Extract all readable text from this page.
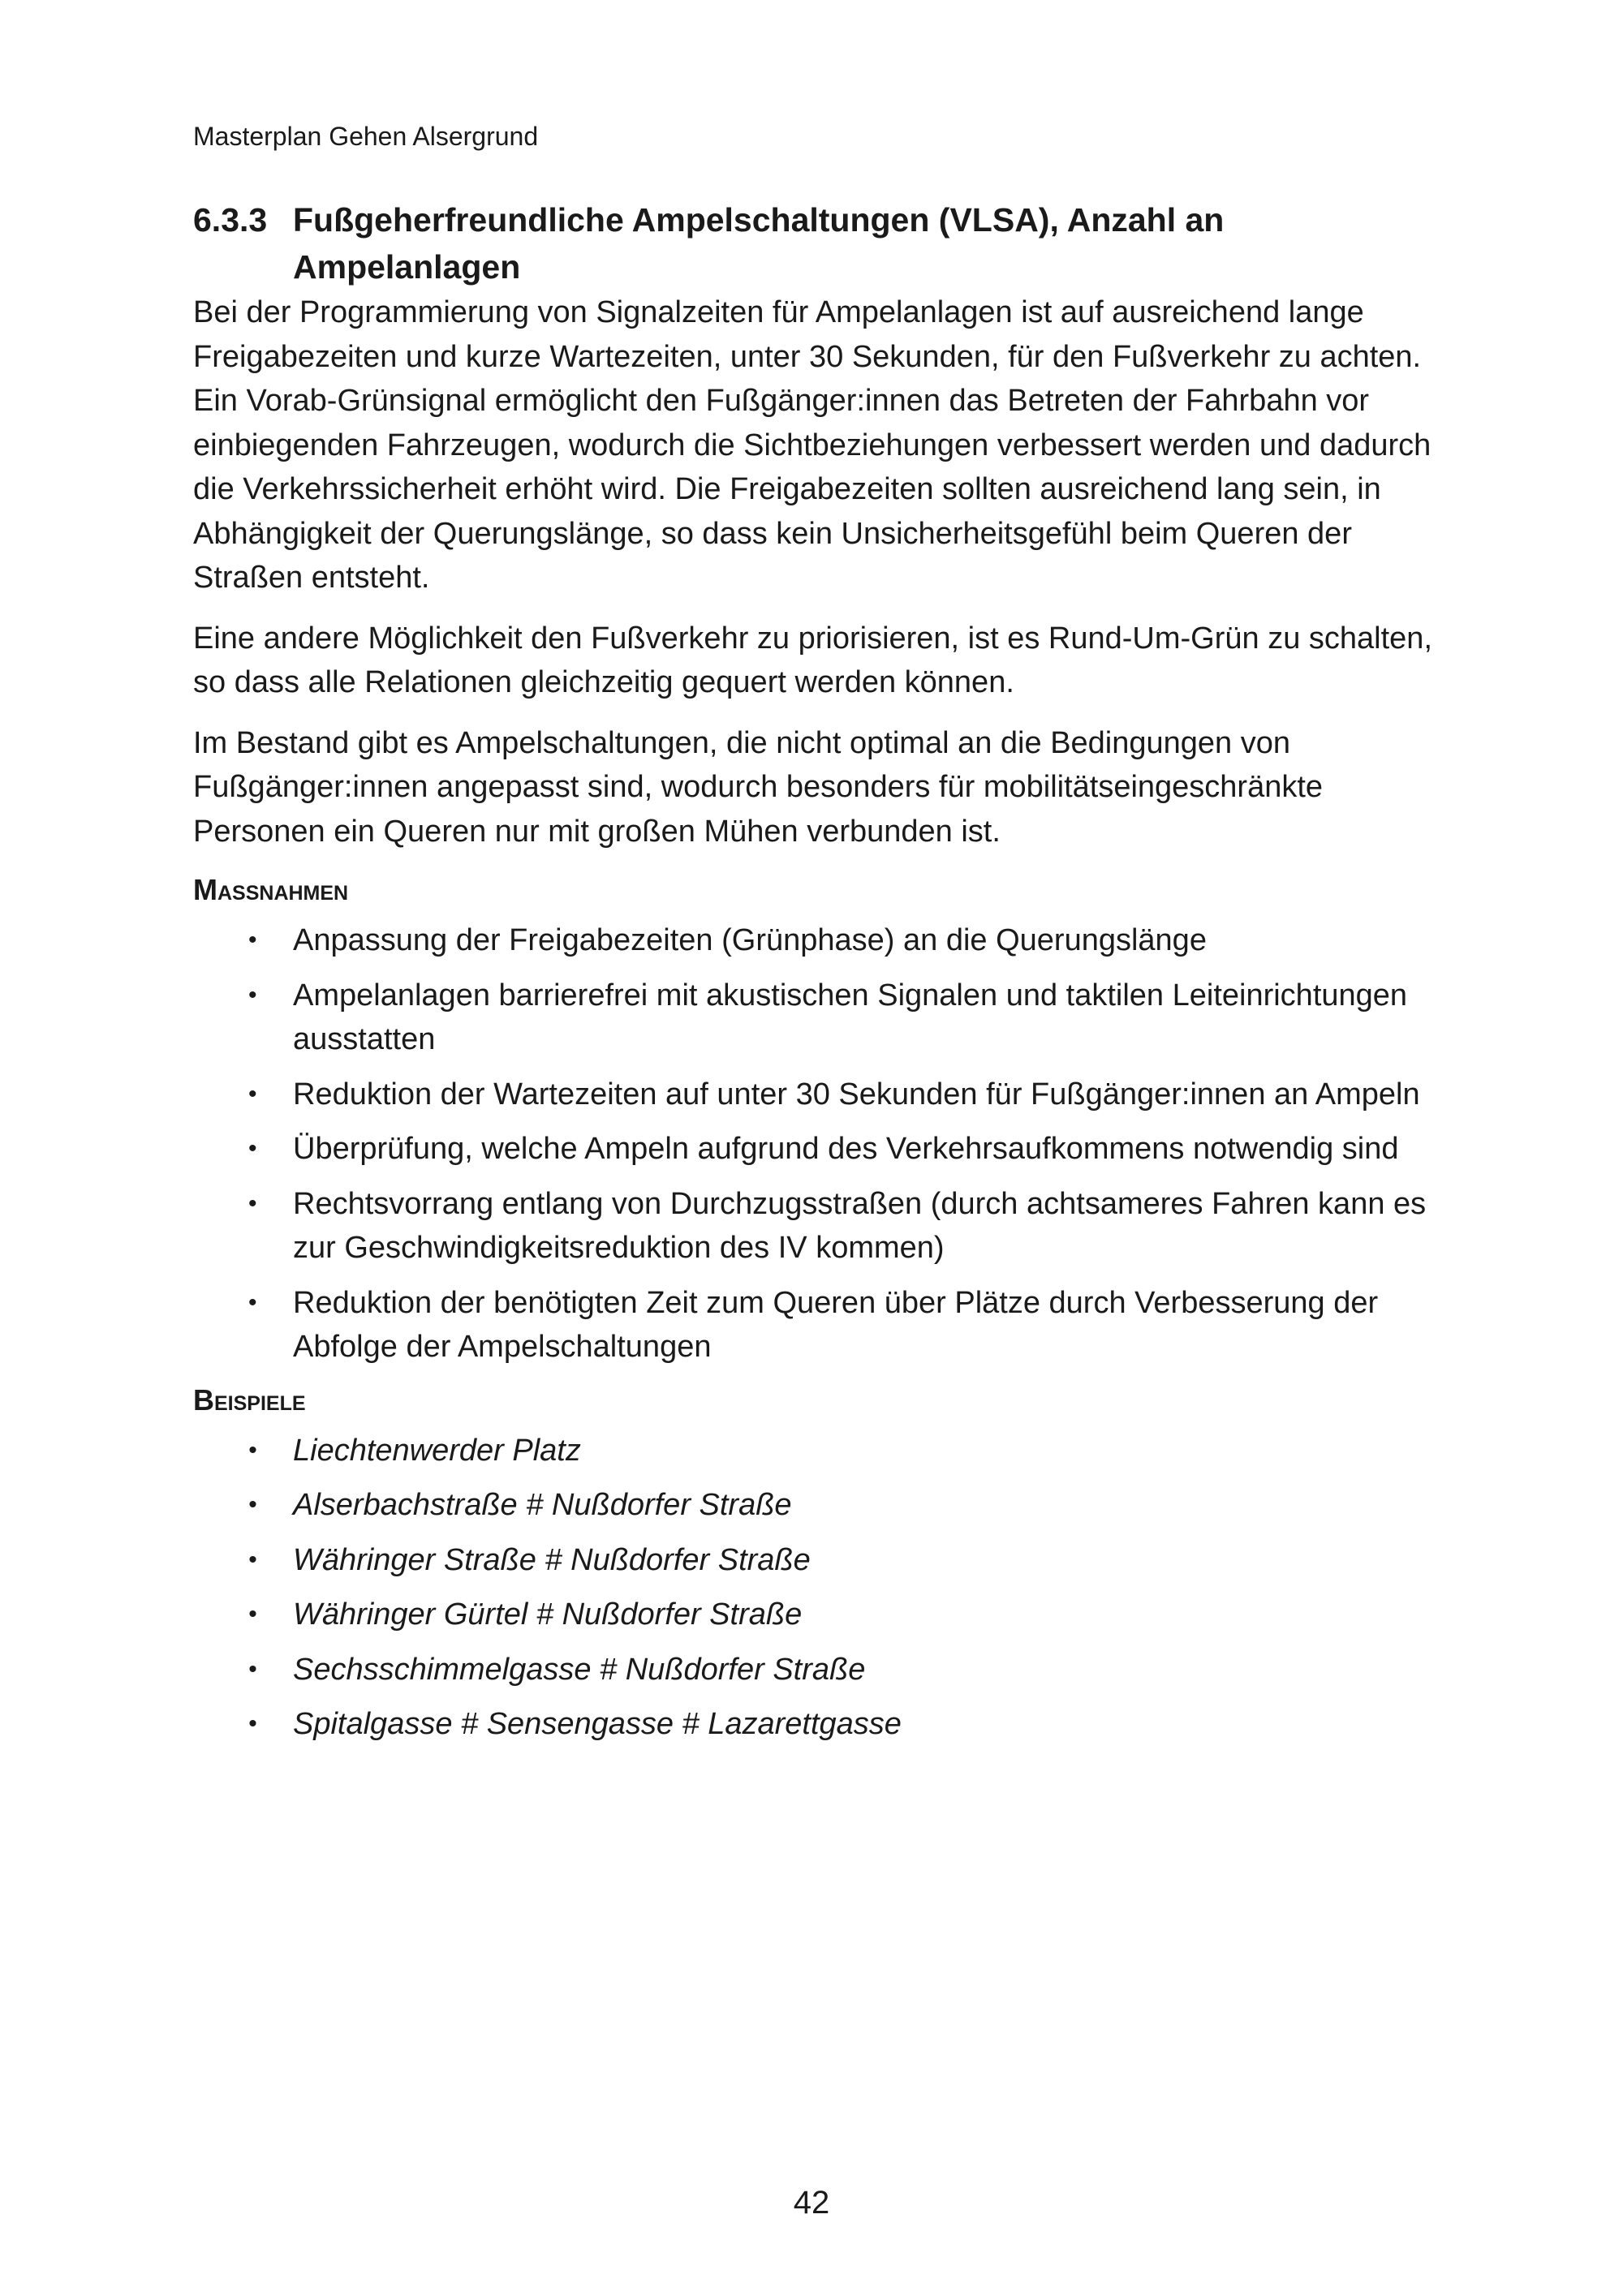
Masterplan Gehen Alsergrund
6.3.3 Fußgeherfreundliche Ampelschaltungen (VLSA), Anzahl an Ampelanlagen

Bei der Programmierung von Signalzeiten für Ampelanlagen ist auf ausreichend lange Freigabezeiten und kurze Wartezeiten, unter 30 Sekunden, für den Fußverkehr zu achten. Ein Vorab-Grünsignal ermöglicht den Fußgänger:innen das Betreten der Fahrbahn vor einbiegenden Fahrzeugen, wodurch die Sichtbeziehungen verbessert werden und dadurch die Verkehrssicherheit erhöht wird. Die Freigabezeiten sollten ausreichend lang sein, in Abhängigkeit der Querungslänge, so dass kein Unsicherheitsgefühl beim Queren der Straßen entsteht.

Eine andere Möglichkeit den Fußverkehr zu priorisieren, ist es Rund-Um-Grün zu schalten, so dass alle Relationen gleichzeitig gequert werden können.

Im Bestand gibt es Ampelschaltungen, die nicht optimal an die Bedingungen von Fußgänger:innen angepasst sind, wodurch besonders für mobilitätseingeschränkte Personen ein Queren nur mit großen Mühen verbunden ist.

Maßnahmen
• Anpassung der Freigabezeiten (Grünphase) an die Querungslänge
• Ampelanlagen barrierefrei mit akustischen Signalen und taktilen Leiteinrichtungen ausstatten
• Reduktion der Wartezeiten auf unter 30 Sekunden für Fußgänger:innen an Ampeln
• Überprüfung, welche Ampeln aufgrund des Verkehrsaufkommens notwendig sind
• Rechtsvorrang entlang von Durchzugsstraßen (durch achtsameres Fahren kann es zur Geschwindigkeitsreduktion des IV kommen)
• Reduktion der benötigten Zeit zum Queren über Plätze durch Verbesserung der Abfolge der Ampelschaltungen
Beispiele
• Liechtenwerder Platz
• Alserbachstraße # Nußdorfer Straße
• Währinger Straße # Nußdorfer Straße
• Währinger Gürtel # Nußdorfer Straße
• Sechsschimmelgasse # Nußdorfer Straße
• Spitalgasse # Sensengasse # Lazarettgasse
42
